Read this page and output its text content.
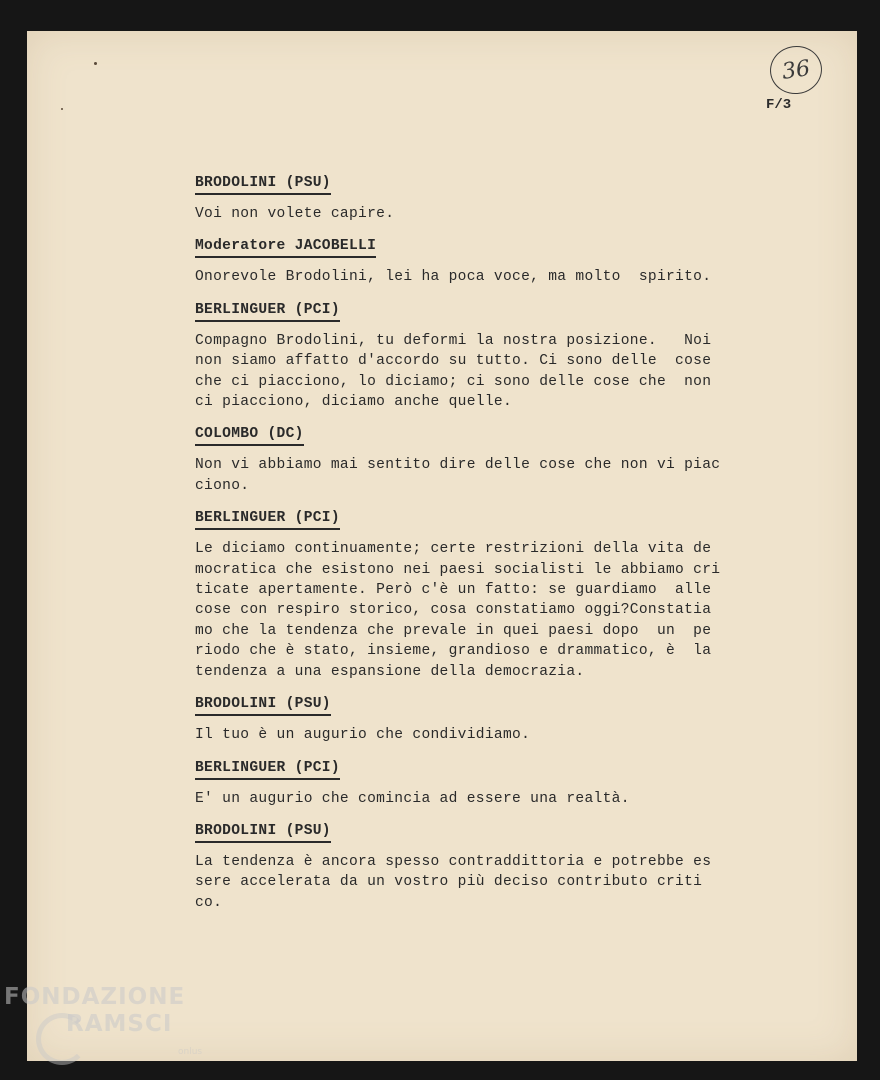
36
F/3
BRODOLINI (PSU)
Voi non volete capire.
Moderatore JACOBELLI
Onorevole Brodolini, lei ha poca voce, ma molto  spirito.
BERLINGUER (PCI)
Compagno Brodolini, tu deformi la nostra posizione.   Noi
non siamo affatto d'accordo su tutto. Ci sono delle  cose
che ci piacciono, lo diciamo; ci sono delle cose che  non
ci piacciono, diciamo anche quelle.
COLOMBO (DC)
Non vi abbiamo mai sentito dire delle cose che non vi piac
ciono.
BERLINGUER (PCI)
Le diciamo continuamente; certe restrizioni della vita de
mocratica che esistono nei paesi socialisti le abbiamo cri
ticate apertamente. Però c'è un fatto: se guardiamo  alle
cose con respiro storico, cosa constatiamo oggi?Constatia
mo che la tendenza che prevale in quei paesi dopo  un  pe
riodo che è stato, insieme, grandioso e drammatico, è  la
tendenza a una espansione della democrazia.
BRODOLINI (PSU)
Il tuo è un augurio che condividiamo.
BERLINGUER (PCI)
E' un augurio che comincia ad essere una realtà.
BRODOLINI (PSU)
La tendenza è ancora spesso contraddittoria e potrebbe es
sere accelerata da un vostro più deciso contributo criti
co.
FONDAZIONE
RAMSCI
onlus
